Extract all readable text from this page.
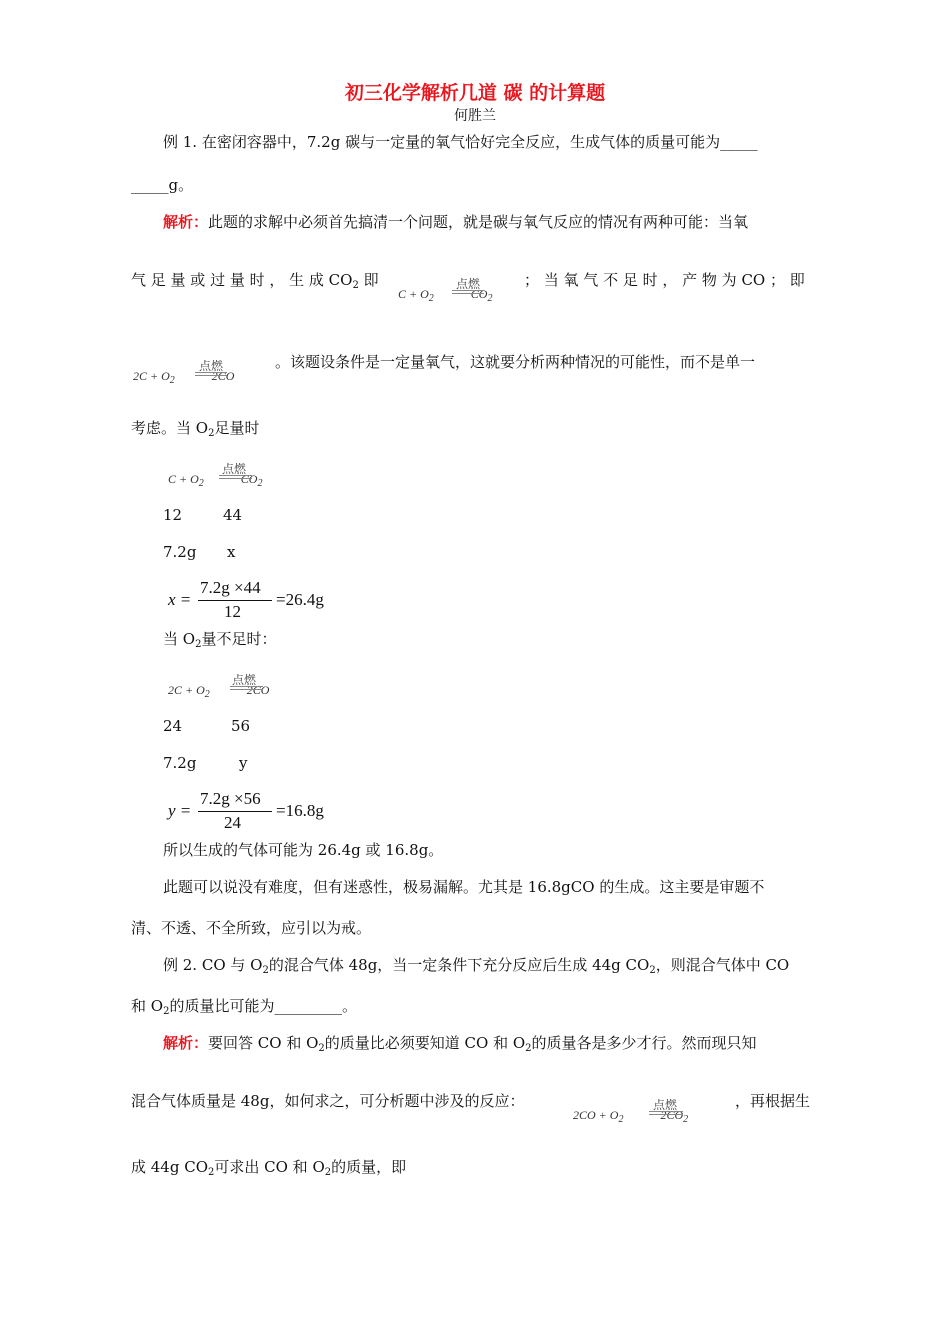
初三化学解析几道 碳 的计算题
何胜兰
例 1. 在密闭容器中，7.2g 碳与一定量的氧气恰好完全反应，生成气体的质量可能为_____
_____g。
解析：此题的求解中必须首先搞清一个问题，就是碳与氧气反应的情况有两种可能：当氧
气 足 量 或 过 量 时 ， 生 成 $CO_2$ 即
$C + O_2$
点燃
$CO_2$
； 当 氧 气 不 足 时 ， 产 物 为 CO ； 即
$2C + O_2$
点燃
2CO
。该题设条件是一定量氧气，这就要分析两种情况的可能性，而不是单一
考虑。当 $O_2$足量时
$C + O_2$
点燃
$CO_2$
12	44
7.2g x
x =
7.2g ×44
12
=26.4g
当 $O_2$量不足时：
$2C + O_2$
点燃
2CO
24	56
7.2g	y
y =
7.2g ×56
24
=16.8g
所以生成的气体可能为 26.4g 或 16.8g。
此题可以说没有难度，但有迷惑性，极易漏解。尤其是 16.8gCO 的生成。这主要是审题不
清、不透、不全所致，应引以为戒。
例 2. CO 与 $O_2$的混合气体 48g，当一定条件下充分反应后生成 44g $CO_2$，则混合气体中 CO
和 $O_2$的质量比可能为_________。
解析：要回答 CO 和 $O_2$的质量比必须要知道 CO 和 $O_2$的质量各是多少才行。然而现只知
混合气体质量是 48g，如何求之，可分析题中涉及的反应：
$2CO + O_2$
点燃
$2CO_2$
，再根据生
成 44g $CO_2$可求出 CO 和 $O_2$的质量，即
